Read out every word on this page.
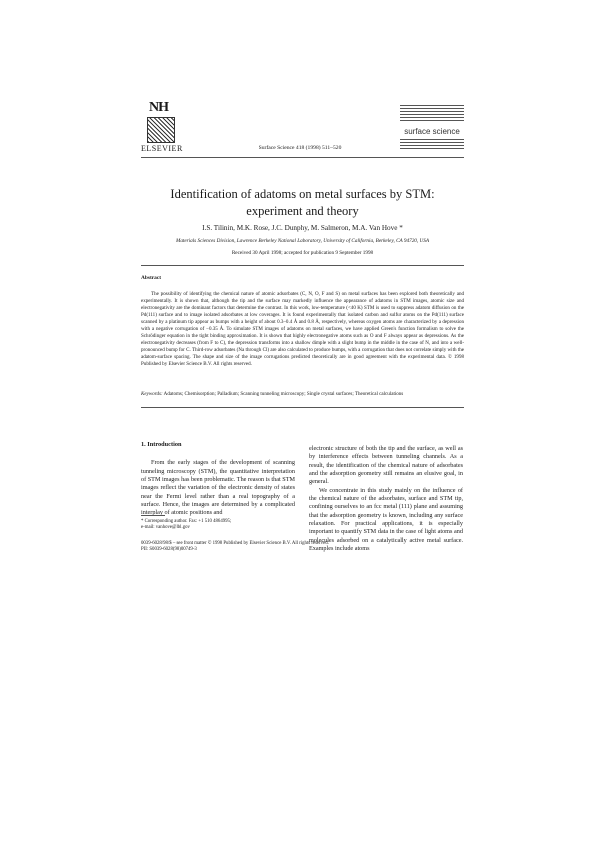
NH
ELSEVIER	Surface Science 418 (1998) 511–520
surface science
Identification of adatoms on metal surfaces by STM:
experiment and theory
I.S. Tilinin, M.K. Rose, J.C. Dunphy, M. Salmeron, M.A. Van Hove *
Materials Sciences Division, Lawrence Berkeley National Laboratory, University of California, Berkeley, CA 94720, USA
Received 30 April 1998; accepted for publication 9 September 1998
Abstract

The possibility of identifying the chemical nature of atomic adsorbates (C, N, O, F and S) on metal surfaces has been explored both theoretically and experimentally. It is shown that, although the tip and the surface may markedly influence the appearance of adatoms in STM images, atomic size and electronegativity are the dominant factors that determine the contrast. In this work, low-temperature (<40 K) STM is used to suppress adatom diffusion on the Pd(111) surface and to image isolated adsorbates at low coverages. It is found experimentally that isolated carbon and sulfur atoms on the Pd(111) surface scanned by a platinum tip appear as bumps with a height of about 0.3–0.4 Å and 0.8 Å, respectively, whereas oxygen atoms are characterized by a depression with a negative corrugation of −0.35 Å. To simulate STM images of adatoms on metal surfaces, we have applied Green's function formalism to solve the Schrödinger equation in the tight binding approximation. It is shown that highly electronegative atoms such as O and F always appear as depressions. As the electronegativity decreases (from F to C), the depression transforms into a shallow dimple with a slight bump in the middle in the case of N, and into a well-pronounced bump for C. Third-row adsorbates (Na through Cl) are also calculated to produce bumps, with a corrugation that does not correlate simply with the adatom-surface spacing. The shape and size of the image corrugations predicted theoretically are in good agreement with the experimental data. © 1998 Published by Elsevier Science B.V. All rights reserved.

Keywords: Adatoms; Chemisorption; Palladium; Scanning tunneling microscopy; Single crystal surfaces; Theoretical calculations

1. Introduction

From the early stages of the development of scanning tunneling microscopy (STM), the quantitative interpretation of STM images has been problematic. The reason is that STM images reflect the variation of the electronic density of states near the Fermi level rather than a real topography of a surface. Hence, the images are determined by a complicated interplay of atomic positions and

electronic structure of both the tip and the surface, as well as by interference effects between tunneling channels. As a result, the identification of the chemical nature of adsorbates and the adsorption geometry still remains an elusive goal, in general.

We concentrate in this study mainly on the influence of the chemical nature of the adsorbates, surface and STM tip, confining ourselves to an fcc metal (111) plane and assuming that the adsorption geometry is known, including any surface relaxation. For practical applications, it is especially important to quantify STM data in the case of light atoms and molecules adsorbed on a catalytically active metal surface. Examples include atoms

* Corresponding author. Fax: +1 510 4864995;
e-mail: vanhove@lbl.gov

0039-6028/98/$ – see front matter © 1998 Published by Elsevier Science B.V. All rights reserved.
PII: S0039-6028(98)00749-3
